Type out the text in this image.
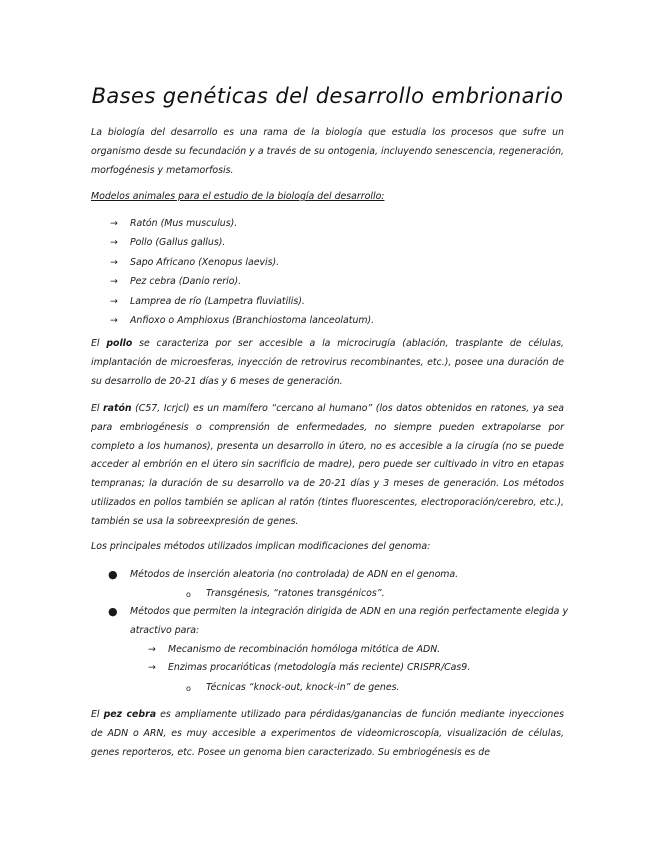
Bases genéticas del desarrollo embrionario
La biología del desarrollo es una rama de la biología que estudia los procesos que sufre un organismo desde su fecundación y a través de su ontogenia, incluyendo senescencia, regeneración, morfogénesis y metamorfosis.
Modelos animales para el estudio de la biología del desarrollo:
→ Ratón (Mus musculus).
→ Pollo (Gallus gallus).
→ Sapo Africano (Xenopus laevis).
→ Pez cebra (Danio rerio).
→ Lamprea de río (Lampetra fluviatilis).
→ Anfioxo o Amphioxus (Branchiostoma lanceolatum).
El pollo se caracteriza por ser accesible a la microcirugía (ablación, trasplante de células, implantación de microesferas, inyección de retrovirus recombinantes, etc.), posee una duración de su desarrollo de 20-21 días y 6 meses de generación.
El ratón (C57, Icrjcl) es un mamífero “cercano al humano” (los datos obtenidos en ratones, ya sea para embriogénesis o comprensión de enfermedades, no siempre pueden extrapolarse por completo a los humanos), presenta un desarrollo in útero, no es accesible a la cirugía (no se puede acceder al embrión en el útero sin sacrificio de madre), pero puede ser cultivado in vitro en etapas tempranas; la duración de su desarrollo va de 20-21 días y 3 meses de generación. Los métodos utilizados en pollos también se aplican al ratón (tintes fluorescentes, electroporación/cerebro, etc.), también se usa la sobreexpresión de genes.
Los principales métodos utilizados implican modificaciones del genoma:
● Métodos de inserción aleatoria (no controlada) de ADN en el genoma.
o Transgénesis, “ratones transgénicos”.
● Métodos que permiten la integración dirigida de ADN en una región perfectamente elegida y atractivo para:
→ Mecanismo de recombinación homóloga mitótica de ADN.
→ Enzimas procarióticas (metodología más reciente) CRISPR/Cas9.
o Técnicas “knock-out, knock-in” de genes.
El pez cebra es ampliamente utilizado para pérdidas/ganancias de función mediante inyecciones de ADN o ARN, es muy accesible a experimentos de videomicroscopía, visualización de células, genes reporteros, etc. Posee un genoma bien caracterizado. Su embriogénesis es de
